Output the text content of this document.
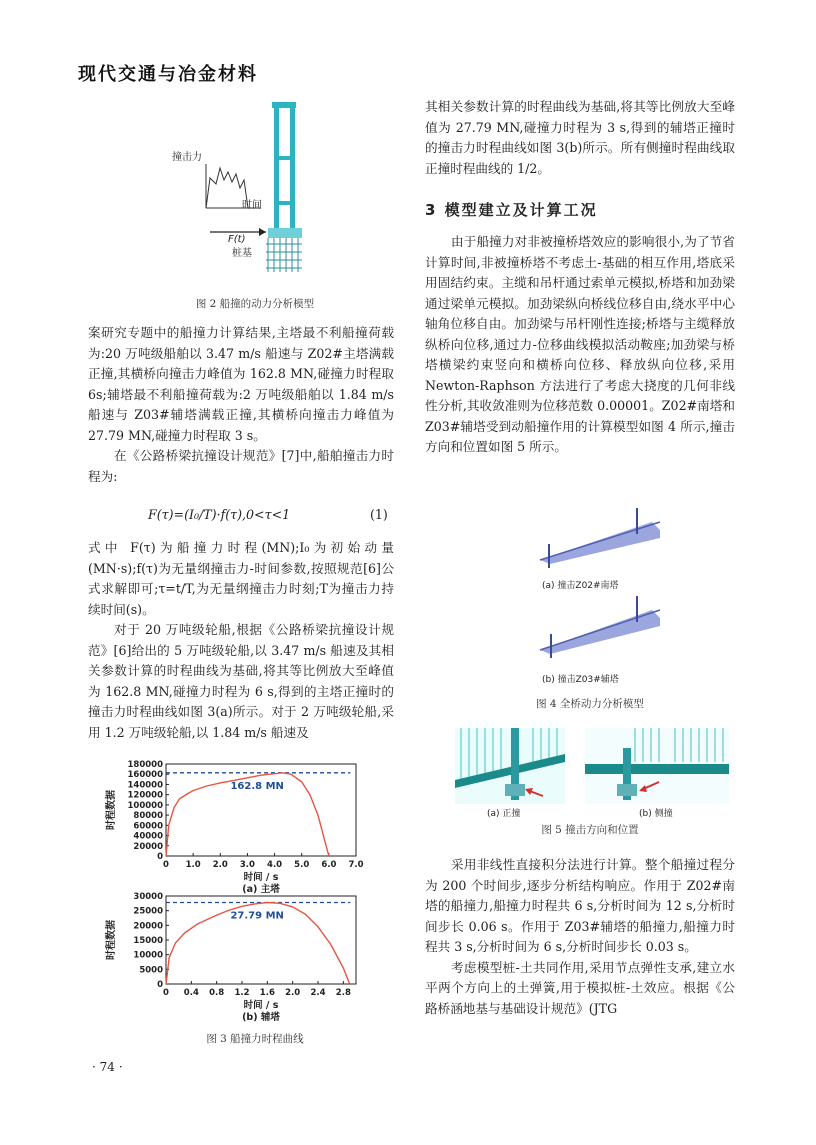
现代交通与冶金材料
撞击力
时间
F(t)
桩基
图 2 船撞的动力分析模型

案研究专题中的船撞力计算结果,主塔最不利船撞荷载为:20 万吨级船舶以 3.47 m/s 船速与 Z02#主塔满载正撞,其横桥向撞击力峰值为 162.8 MN,碰撞力时程取 6s;辅塔最不利船撞荷载为:2 万吨级船舶以 1.84 m/s 船速与 Z03#辅塔满载正撞,其横桥向撞击力峰值为 27.79 MN,碰撞力时程取 3 s。

在《公路桥梁抗撞设计规范》[7]中,船舶撞击力时程为:

F(τ)=(I₀/T)·f(τ),0<τ<1	(1)

式中 F(τ)为船撞力时程(MN);I₀为初始动量(MN·s);f(τ)为无量纲撞击力-时间参数,按照规范[6]公式求解即可;τ=t/T,为无量纲撞击力时刻;T为撞击力持续时间(s)。

对于 20 万吨级轮船,根据《公路桥梁抗撞设计规范》[6]给出的 5 万吨级轮船,以 3.47 m/s 船速及其相关参数计算的时程曲线为基础,将其等比例放大至峰值为 162.8 MN,碰撞力时程为 6 s,得到的主塔正撞时的撞击力时程曲线如图 3(a)所示。对于 2 万吨级轮船,采用 1.2 万吨级轮船,以 1.84 m/s 船速及

0
20000
40000
60000
80000
100000
120000
140000
160000
180000
0 1.0 2.0 3.0 4.0 5.0 6.0 7.0
162.8 MN
时程数据
时间 / s
(a) 主塔
0
5000
10000
15000
20000
25000
30000
0 0.4 0.8 1.2 1.6 2.0 2.4 2.8
27.79 MN
时程数据
时间 / s
(b) 辅塔
图 3 船撞力时程曲线

其相关参数计算的时程曲线为基础,将其等比例放大至峰值为 27.79 MN,碰撞力时程为 3 s,得到的辅塔正撞时的撞击力时程曲线如图 3(b)所示。所有侧撞时程曲线取正撞时程曲线的 1/2。

3 模型建立及计算工况

由于船撞力对非被撞桥塔效应的影响很小,为了节省计算时间,非被撞桥塔不考虑土-基础的相互作用,塔底采用固结约束。主缆和吊杆通过索单元模拟,桥塔和加劲梁通过梁单元模拟。加劲梁纵向桥线位移自由,绕水平中心轴角位移自由。加劲梁与吊杆刚性连接;桥塔与主缆释放纵桥向位移,通过力-位移曲线模拟活动鞍座;加劲梁与桥塔横梁约束竖向和横桥向位移、释放纵向位移,采用 Newton-Raphson 方法进行了考虑大挠度的几何非线性分析,其收敛准则为位移范数 0.00001。Z02#南塔和 Z03#辅塔受到动船撞作用的计算模型如图 4 所示,撞击方向和位置如图 5 所示。

(a) 撞击Z02#南塔
(b) 撞击Z03#辅塔
图 4 全桥动力分析模型
(a) 正撞	(b) 侧撞
图 5 撞击方向和位置

采用非线性直接积分法进行计算。整个船撞过程分为 200 个时间步,逐步分析结构响应。作用于 Z02#南塔的船撞力,船撞力时程共 6 s,分析时间为 12 s,分析时间步长 0.06 s。作用于 Z03#辅塔的船撞力,船撞力时程共 3 s,分析时间为 6 s,分析时间步长 0.03 s。

考虑模型桩-土共同作用,采用节点弹性支承,建立水平两个方向上的土弹簧,用于模拟桩-土效应。根据《公路桥涵地基与基础设计规范》(JTG

· 74 ·
